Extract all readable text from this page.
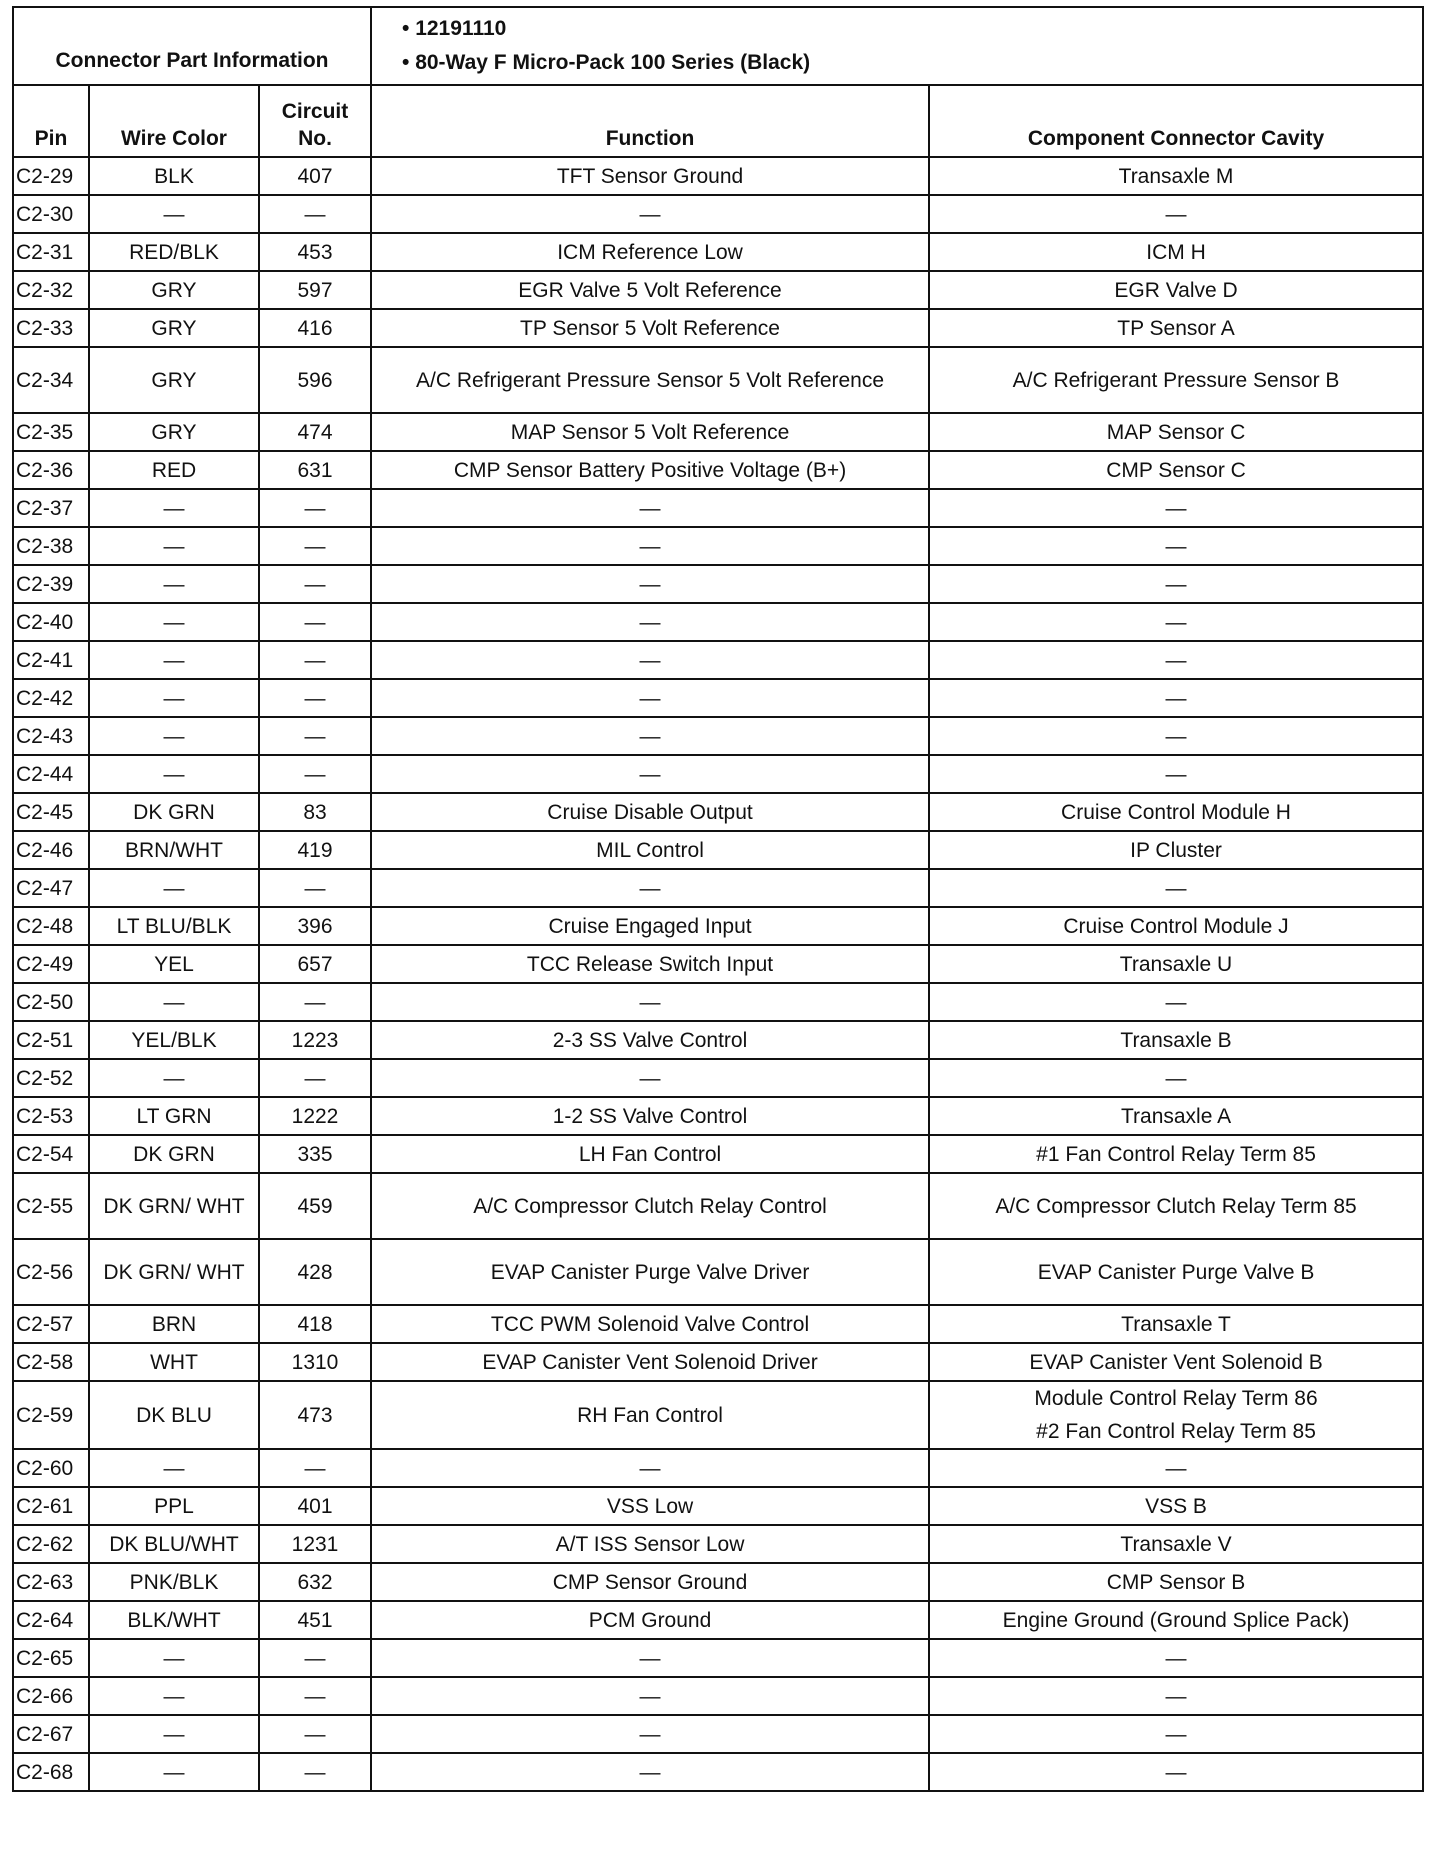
Connector Part Information			• 12191110
• 80-Way F Micro-Pack 100 Series (Black)	

Pin	Wire Color	Circuit No.	Function	Component Connector Cavity
C2-29	BLK	407	TFT Sensor Ground	Transaxle M
C2-30	—	—	—	—
C2-31	RED/BLK	453	ICM Reference Low	ICM H
C2-32	GRY	597	EGR Valve 5 Volt Reference	EGR Valve D
C2-33	GRY	416	TP Sensor 5 Volt Reference	TP Sensor A
C2-34	GRY	596	A/C Refrigerant Pressure Sensor 5 Volt Reference	A/C Refrigerant Pressure Sensor B
C2-35	GRY	474	MAP Sensor 5 Volt Reference	MAP Sensor C
C2-36	RED	631	CMP Sensor Battery Positive Voltage (B+)	CMP Sensor C
C2-37	—	—	—	—
C2-38	—	—	—	—
C2-39	—	—	—	—
C2-40	—	—	—	—
C2-41	—	—	—	—
C2-42	—	—	—	—
C2-43	—	—	—	—
C2-44	—	—	—	—
C2-45	DK GRN	83	Cruise Disable Output	Cruise Control Module H
C2-46	BRN/WHT	419	MIL Control	IP Cluster
C2-47	—	—	—	—
C2-48	LT BLU/BLK	396	Cruise Engaged Input	Cruise Control Module J
C2-49	YEL	657	TCC Release Switch Input	Transaxle U
C2-50	—	—	—	—
C2-51	YEL/BLK	1223	2-3 SS Valve Control	Transaxle B
C2-52	—	—	—	—
C2-53	LT GRN	1222	1-2 SS Valve Control	Transaxle A
C2-54	DK GRN	335	LH Fan Control	#1 Fan Control Relay Term 85
C2-55	DK GRN/ WHT	459	A/C Compressor Clutch Relay Control	A/C Compressor Clutch Relay Term 85
C2-56	DK GRN/ WHT	428	EVAP Canister Purge Valve Driver	EVAP Canister Purge Valve B
C2-57	BRN	418	TCC PWM Solenoid Valve Control	Transaxle T
C2-58	WHT	1310	EVAP Canister Vent Solenoid Driver	EVAP Canister Vent Solenoid B
C2-59	DK BLU	473	RH Fan Control	Module Control Relay Term 86
#2 Fan Control Relay Term 85

C2-60	—	—	—	—
C2-61	PPL	401	VSS Low	VSS B
C2-62	DK BLU/WHT	1231	A/T ISS Sensor Low	Transaxle V
C2-63	PNK/BLK	632	CMP Sensor Ground	CMP Sensor B
C2-64	BLK/WHT	451	PCM Ground	Engine Ground (Ground Splice Pack)
C2-65	—	—	—	—
C2-66	—	—	—	—
C2-67	—	—	—	—
C2-68	—	—	—	—
